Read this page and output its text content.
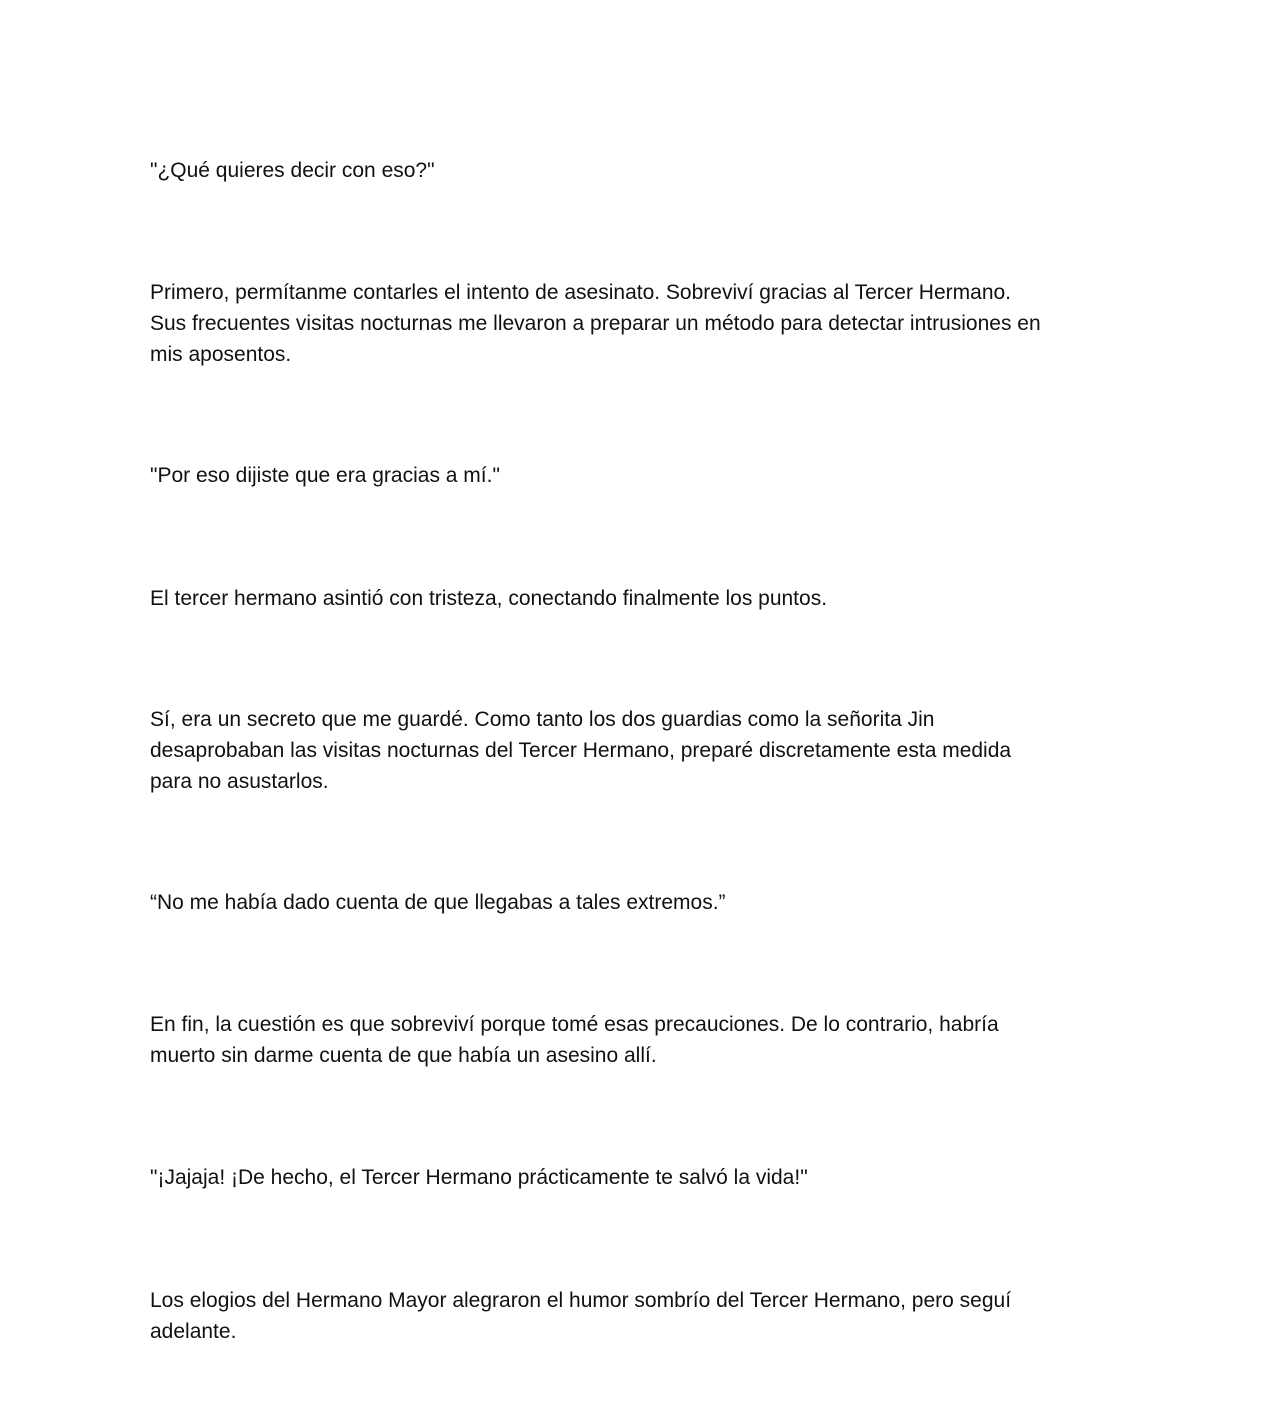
"¿Qué quieres decir con eso?"

Primero, permítanme contarles el intento de asesinato. Sobreviví gracias al Tercer Hermano.
Sus frecuentes visitas nocturnas me llevaron a preparar un método para detectar intrusiones en
mis aposentos.

"Por eso dijiste que era gracias a mí."

El tercer hermano asintió con tristeza, conectando finalmente los puntos.

Sí, era un secreto que me guardé. Como tanto los dos guardias como la señorita Jin
desaprobaban las visitas nocturnas del Tercer Hermano, preparé discretamente esta medida
para no asustarlos.

“No me había dado cuenta de que llegabas a tales extremos.”

En fin, la cuestión es que sobreviví porque tomé esas precauciones. De lo contrario, habría
muerto sin darme cuenta de que había un asesino allí.

"¡Jajaja! ¡De hecho, el Tercer Hermano prácticamente te salvó la vida!"

Los elogios del Hermano Mayor alegraron el humor sombrío del Tercer Hermano, pero seguí
adelante.
